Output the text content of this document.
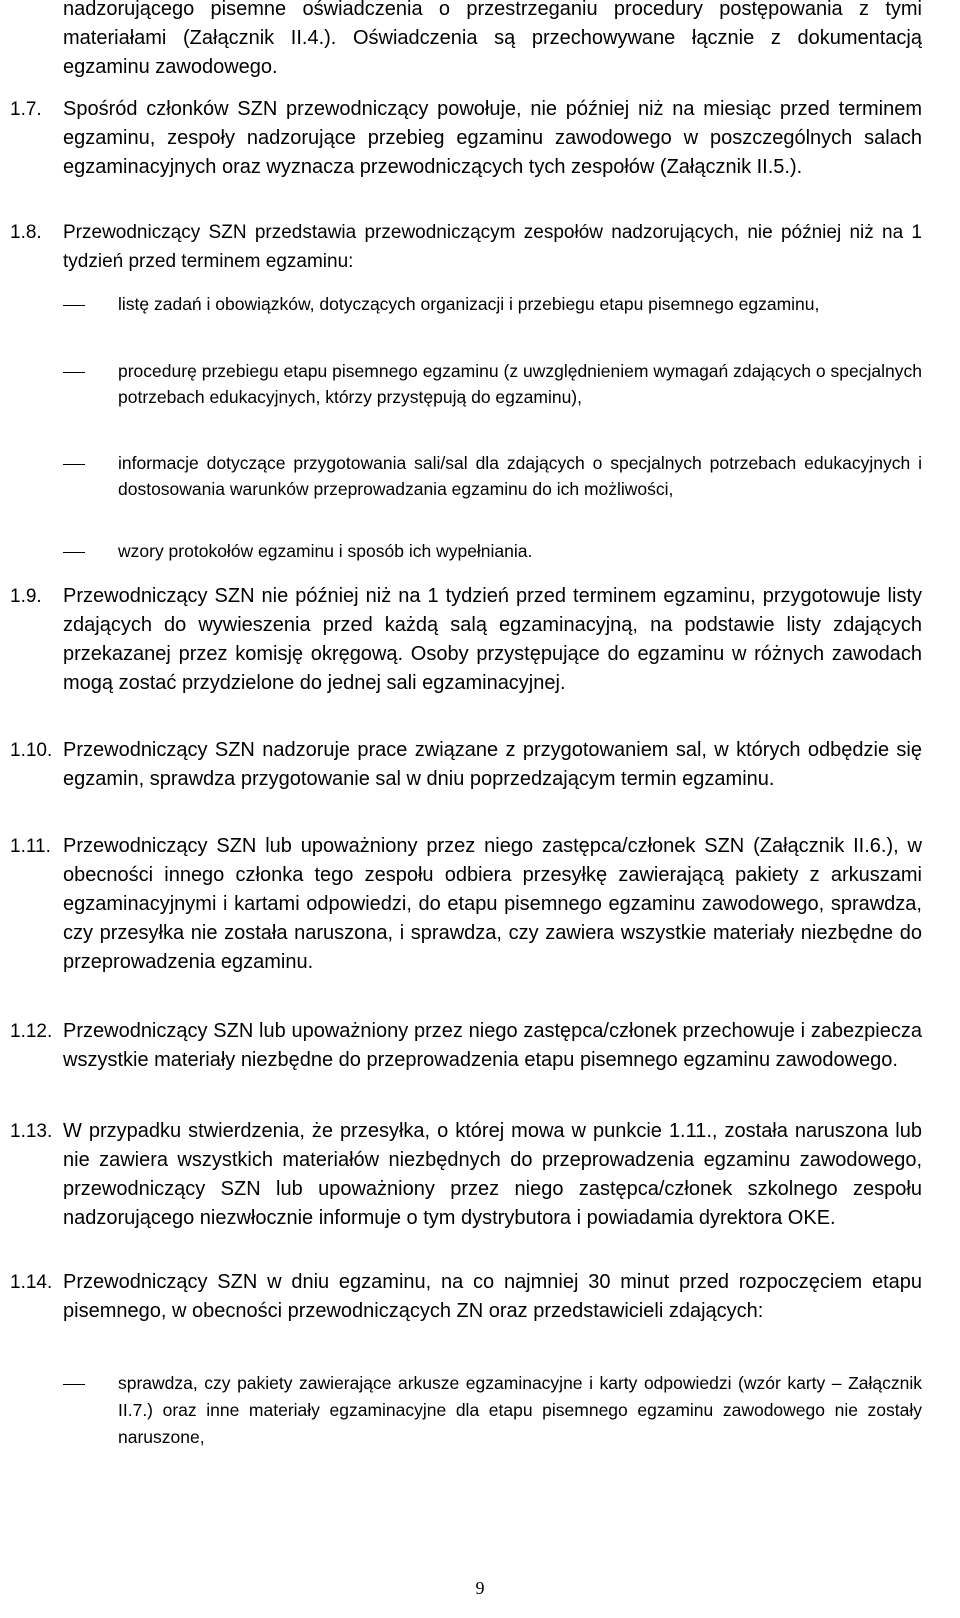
nadzorującego pisemne oświadczenia o przestrzeganiu procedury postępowania z tymi materiałami (Załącznik II.4.). Oświadczenia są przechowywane łącznie z dokumentacją egzaminu zawodowego.
1.7. Spośród członków SZN przewodniczący powołuje, nie później niż na miesiąc przed terminem egzaminu, zespoły nadzorujące przebieg egzaminu zawodowego w poszczególnych salach egzaminacyjnych oraz wyznacza przewodniczących tych zespołów (Załącznik II.5.).
1.8. Przewodniczący SZN przedstawia przewodniczącym zespołów nadzorujących, nie później niż na 1 tydzień przed terminem egzaminu:
listę zadań i obowiązków, dotyczących organizacji i przebiegu etapu pisemnego egzaminu,
procedurę przebiegu etapu pisemnego egzaminu (z uwzględnieniem wymagań zdających o specjalnych potrzebach edukacyjnych, którzy przystępują do egzaminu),
informacje dotyczące przygotowania sali/sal dla zdających o specjalnych potrzebach edukacyjnych i dostosowania warunków przeprowadzania egzaminu do ich możliwości,
wzory protokołów egzaminu i sposób ich wypełniania.
1.9. Przewodniczący SZN nie później niż na 1 tydzień przed terminem egzaminu, przygotowuje listy zdających do wywieszenia przed każdą salą egzaminacyjną, na podstawie listy zdających przekazanej przez komisję okręgową. Osoby przystępujące do egzaminu w różnych zawodach mogą zostać przydzielone do jednej sali egzaminacyjnej.
1.10. Przewodniczący SZN nadzoruje prace związane z przygotowaniem sal, w których odbędzie się egzamin, sprawdza przygotowanie sal w dniu poprzedzającym termin egzaminu.
1.11. Przewodniczący SZN lub upoważniony przez niego zastępca/członek SZN (Załącznik II.6.), w obecności innego członka tego zespołu odbiera przesyłkę zawierającą pakiety z arkuszami egzaminacyjnymi i kartami odpowiedzi, do etapu pisemnego egzaminu zawodowego, sprawdza, czy przesyłka nie została naruszona, i sprawdza, czy zawiera wszystkie materiały niezbędne do przeprowadzenia egzaminu.
1.12. Przewodniczący SZN lub upoważniony przez niego zastępca/członek przechowuje i zabezpiecza wszystkie materiały niezbędne do przeprowadzenia etapu pisemnego egzaminu zawodowego.
1.13. W przypadku stwierdzenia, że przesyłka, o której mowa w punkcie 1.11., została naruszona lub nie zawiera wszystkich materiałów niezbędnych do przeprowadzenia egzaminu zawodowego, przewodniczący SZN lub upoważniony przez niego zastępca/członek szkolnego zespołu nadzorującego niezwłocznie informuje o tym dystrybutora i powiadamia dyrektora OKE.
1.14. Przewodniczący SZN w dniu egzaminu, na co najmniej 30 minut przed rozpoczęciem etapu pisemnego, w obecności przewodniczących ZN oraz przedstawicieli zdających:
sprawdza, czy pakiety zawierające arkusze egzaminacyjne i karty odpowiedzi (wzór karty – Załącznik II.7.) oraz inne materiały egzaminacyjne dla etapu pisemnego egzaminu zawodowego nie zostały naruszone,
9
